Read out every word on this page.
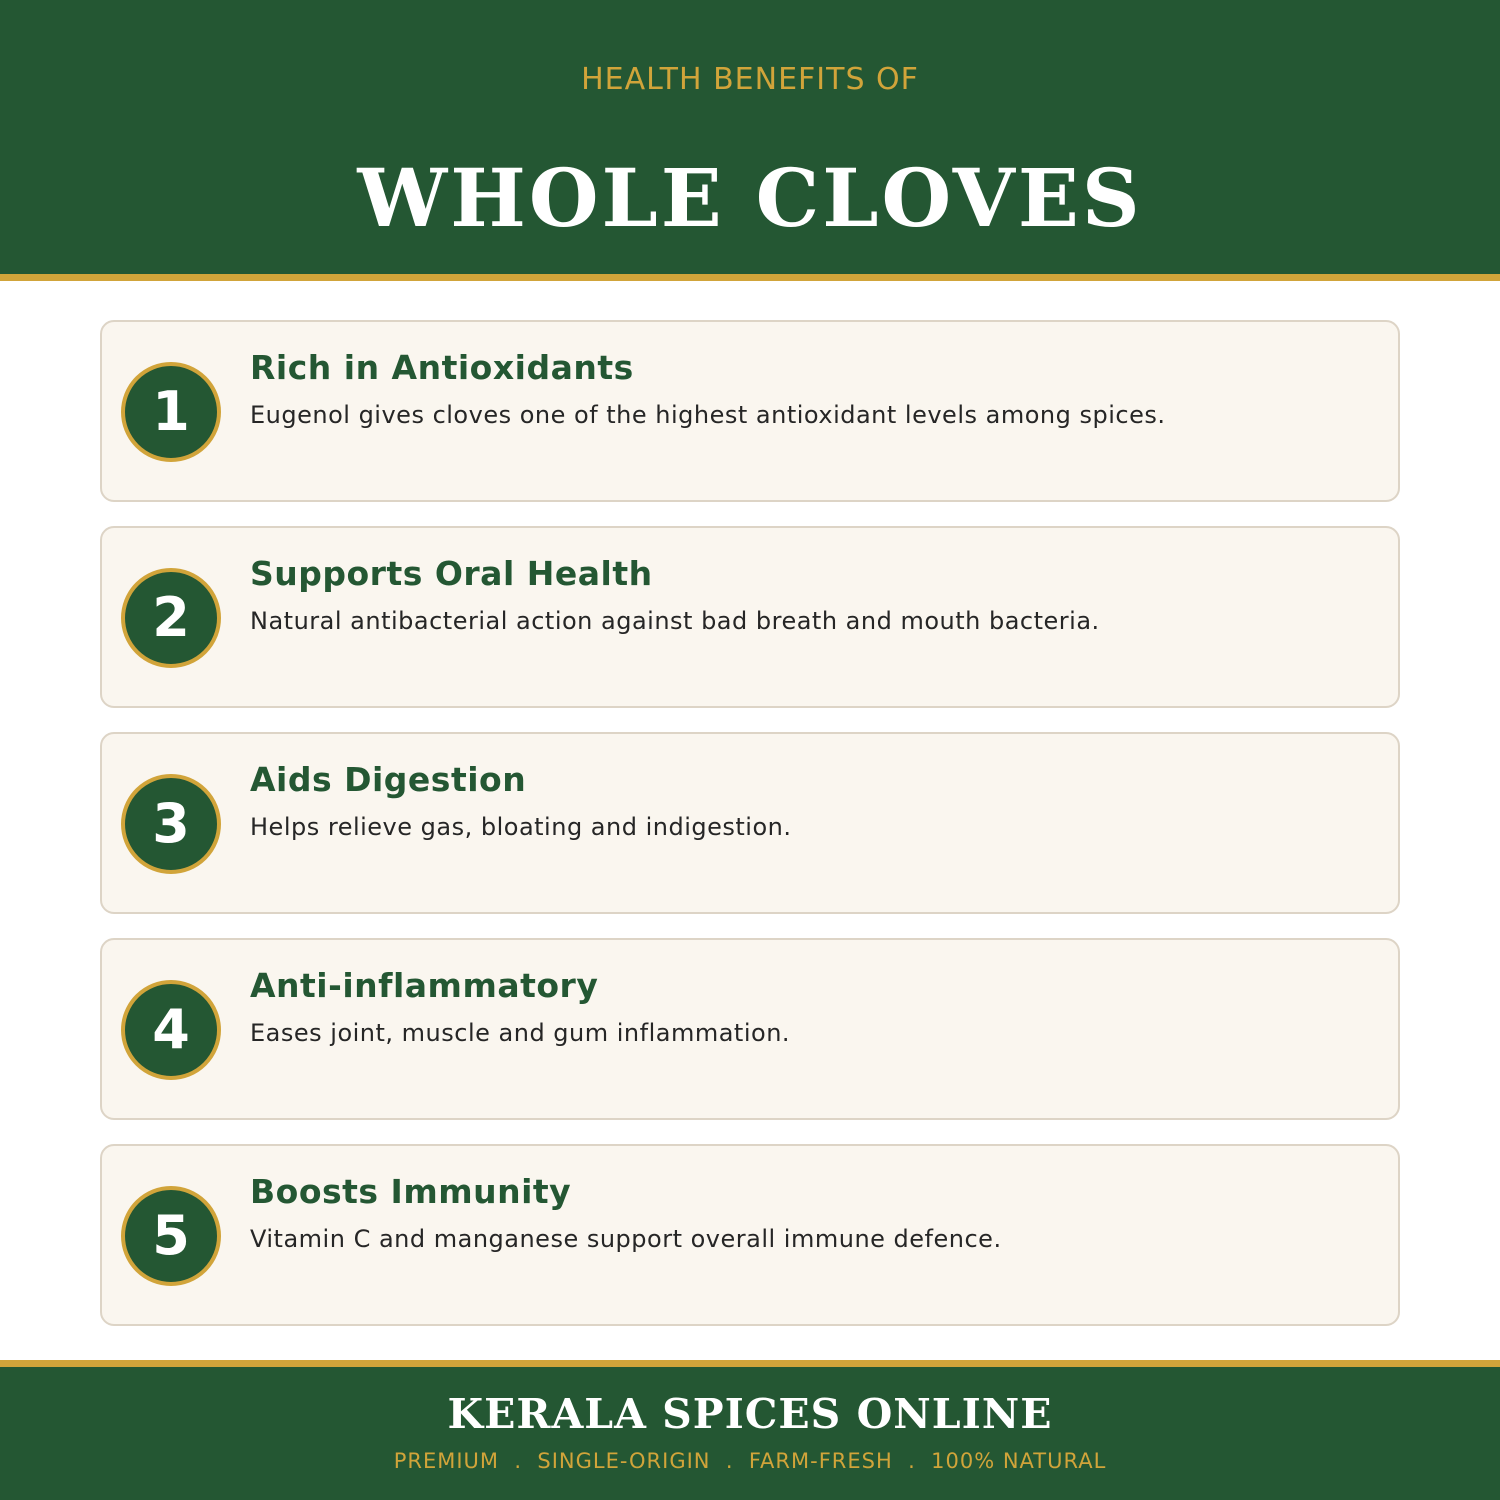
HEALTH BENEFITS OF
WHOLE CLOVES
1
Rich in Antioxidants
Eugenol gives cloves one of the highest antioxidant levels among spices.
2
Supports Oral Health
Natural antibacterial action against bad breath and mouth bacteria.
3
Aids Digestion
Helps relieve gas, bloating and indigestion.
4
Anti-inflammatory
Eases joint, muscle and gum inflammation.
5
Boosts Immunity
Vitamin C and manganese support overall immune defence.
KERALA SPICES ONLINE
PREMIUM  .  SINGLE-ORIGIN  .  FARM-FRESH  .  100% NATURAL
